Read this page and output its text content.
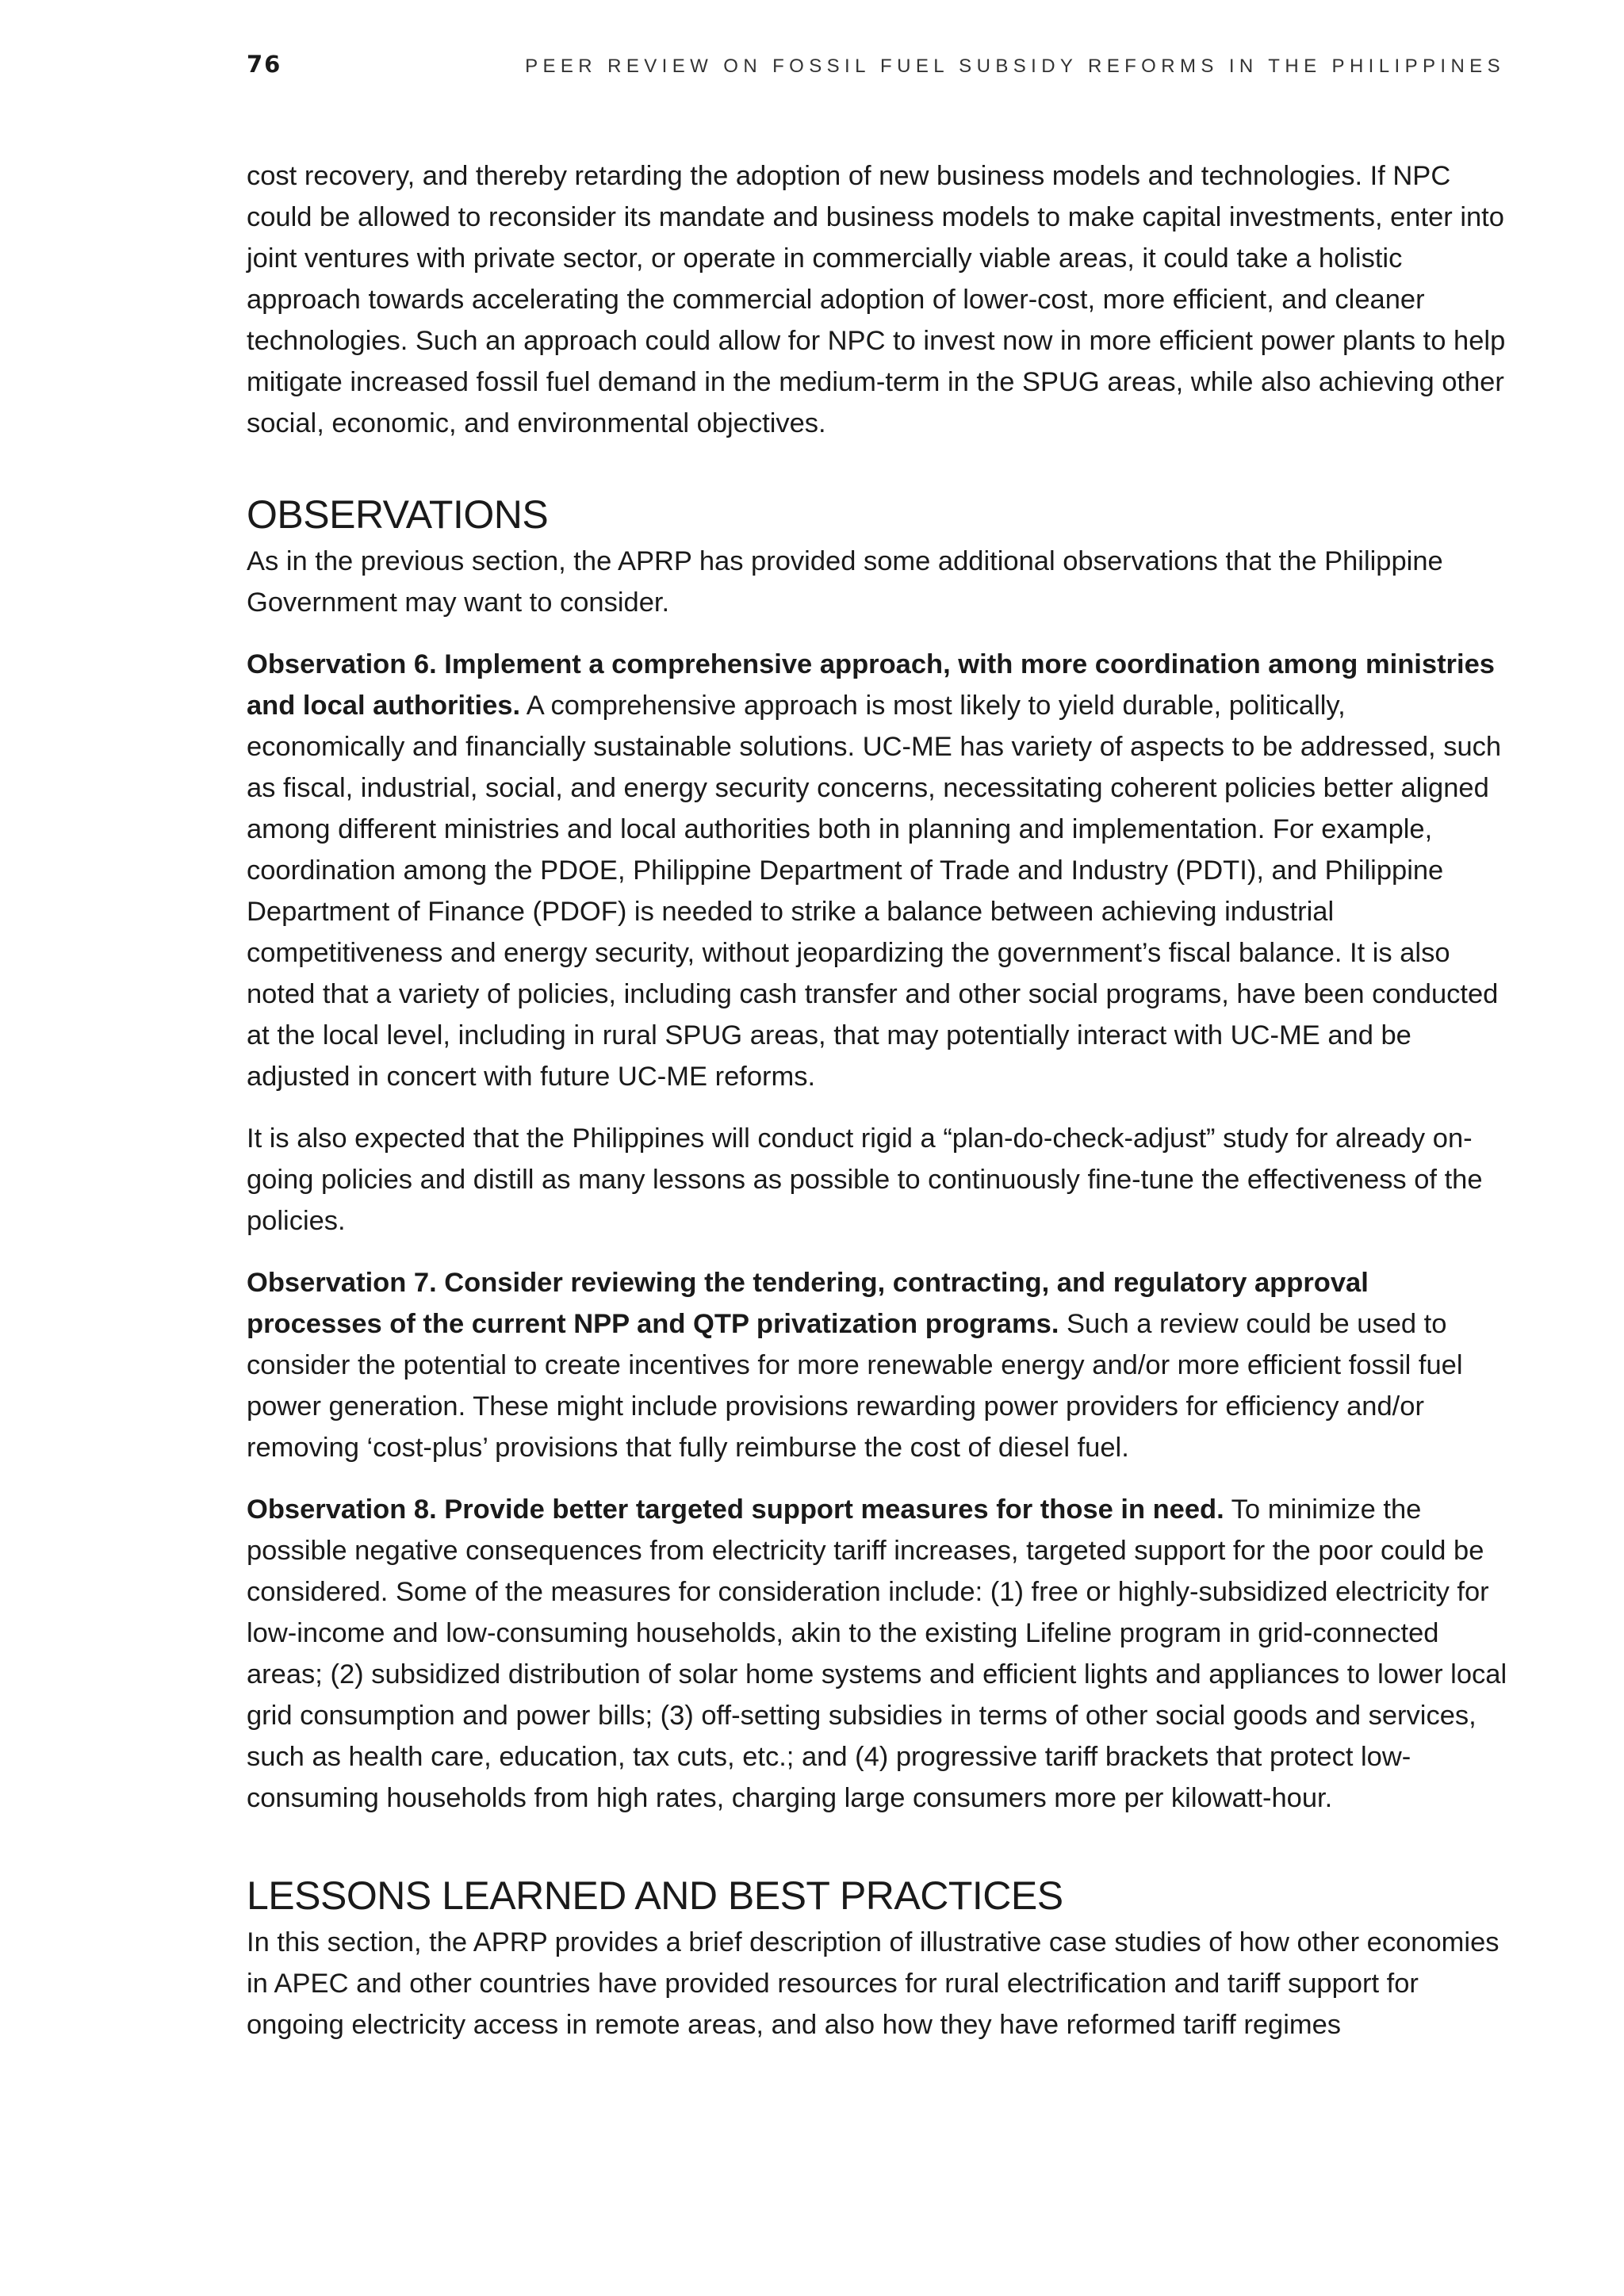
76	PEER REVIEW ON FOSSIL FUEL SUBSIDY REFORMS IN THE PHILIPPINES

cost recovery, and thereby retarding the adoption of new business models and technologies. If NPC could be allowed to reconsider its mandate and business models to make capital investments, enter into joint ventures with private sector, or operate in commercially viable areas, it could take a holistic approach towards accelerating the commercial adoption of lower-cost, more efficient, and cleaner technologies. Such an approach could allow for NPC to invest now in more efficient power plants to help mitigate increased fossil fuel demand in the medium-term in the SPUG areas, while also achieving other social, economic, and environmental objectives.

OBSERVATIONS

As in the previous section, the APRP has provided some additional observations that the Philippine Government may want to consider.

Observation 6. Implement a comprehensive approach, with more coordination among ministries and local authorities. A comprehensive approach is most likely to yield durable, politically, economically and financially sustainable solutions. UC-ME has variety of aspects to be addressed, such as fiscal, industrial, social, and energy security concerns, necessitating coherent policies better aligned among different ministries and local authorities both in planning and implementation. For example, coordination among the PDOE, Philippine Department of Trade and Industry (PDTI), and Philippine Department of Finance (PDOF) is needed to strike a balance between achieving industrial competitiveness and energy security, without jeopardizing the government’s fiscal balance. It is also noted that a variety of policies, including cash transfer and other social programs, have been conducted at the local level, including in rural SPUG areas, that may potentially interact with UC-ME and be adjusted in concert with future UC-ME reforms.

It is also expected that the Philippines will conduct rigid a “plan-do-check-adjust” study for already on-going policies and distill as many lessons as possible to continuously fine-tune the effectiveness of the policies.

Observation 7. Consider reviewing the tendering, contracting, and regulatory approval processes of the current NPP and QTP privatization programs. Such a review could be used to consider the potential to create incentives for more renewable energy and/or more efficient fossil fuel power generation. These might include provisions rewarding power providers for efficiency and/or removing ‘cost-plus’ provisions that fully reimburse the cost of diesel fuel.

Observation 8. Provide better targeted support measures for those in need. To minimize the possible negative consequences from electricity tariff increases, targeted support for the poor could be considered. Some of the measures for consideration include: (1) free or highly-subsidized electricity for low-income and low-consuming households, akin to the existing Lifeline program in grid-connected areas; (2) subsidized distribution of solar home systems and efficient lights and appliances to lower local grid consumption and power bills; (3) off-setting subsidies in terms of other social goods and services, such as health care, education, tax cuts, etc.; and (4) progressive tariff brackets that protect low-consuming households from high rates, charging large consumers more per kilowatt-hour.

LESSONS LEARNED AND BEST PRACTICES

In this section, the APRP provides a brief description of illustrative case studies of how other economies in APEC and other countries have provided resources for rural electrification and tariff support for ongoing electricity access in remote areas, and also how they have reformed tariff regimes
